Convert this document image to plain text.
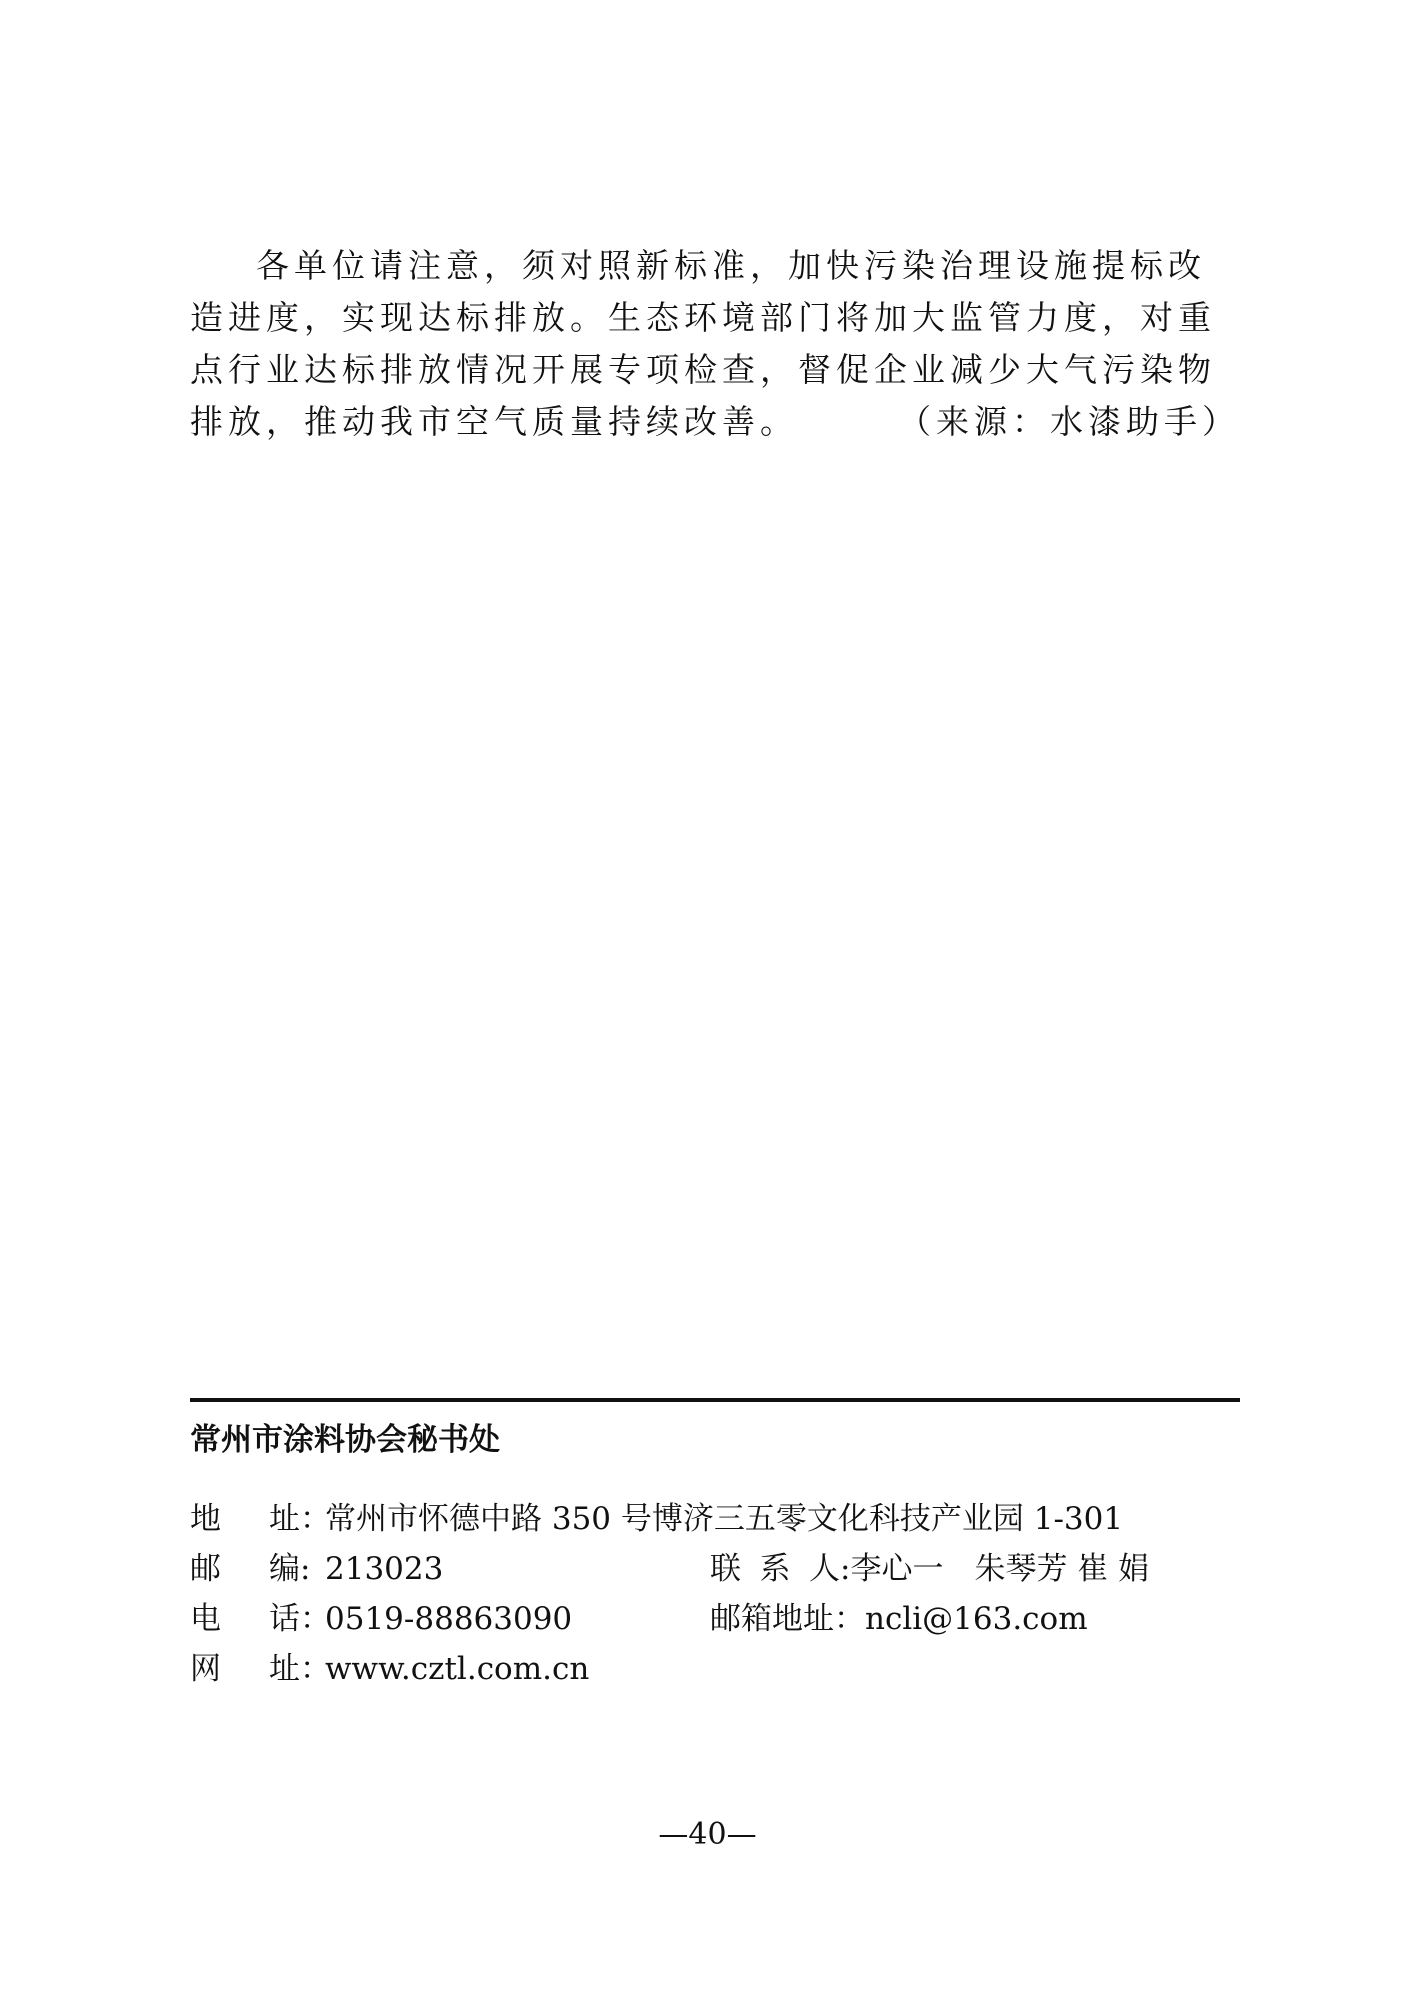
各单位请注意，须对照新标准，加快污染治理设施提标改
造进度，实现达标排放。生态环境部门将加大监管力度，对重
点行业达标排放情况开展专项检查，督促企业减少大气污染物
排放，推动我市空气质量持续改善。	（来源：水漆助手）
常州市涂料协会秘书处
地 址 ：
常州市怀德中路 350 号博济三五零文化科技产业园 1-301
邮 编 : 213023	联 系 人 :李心一　朱琴芳 崔 娟
电 话 ：
0519-88863090	邮箱地址：ncli@163.com
网 址 ：
www.cztl.com.cn
—40—
